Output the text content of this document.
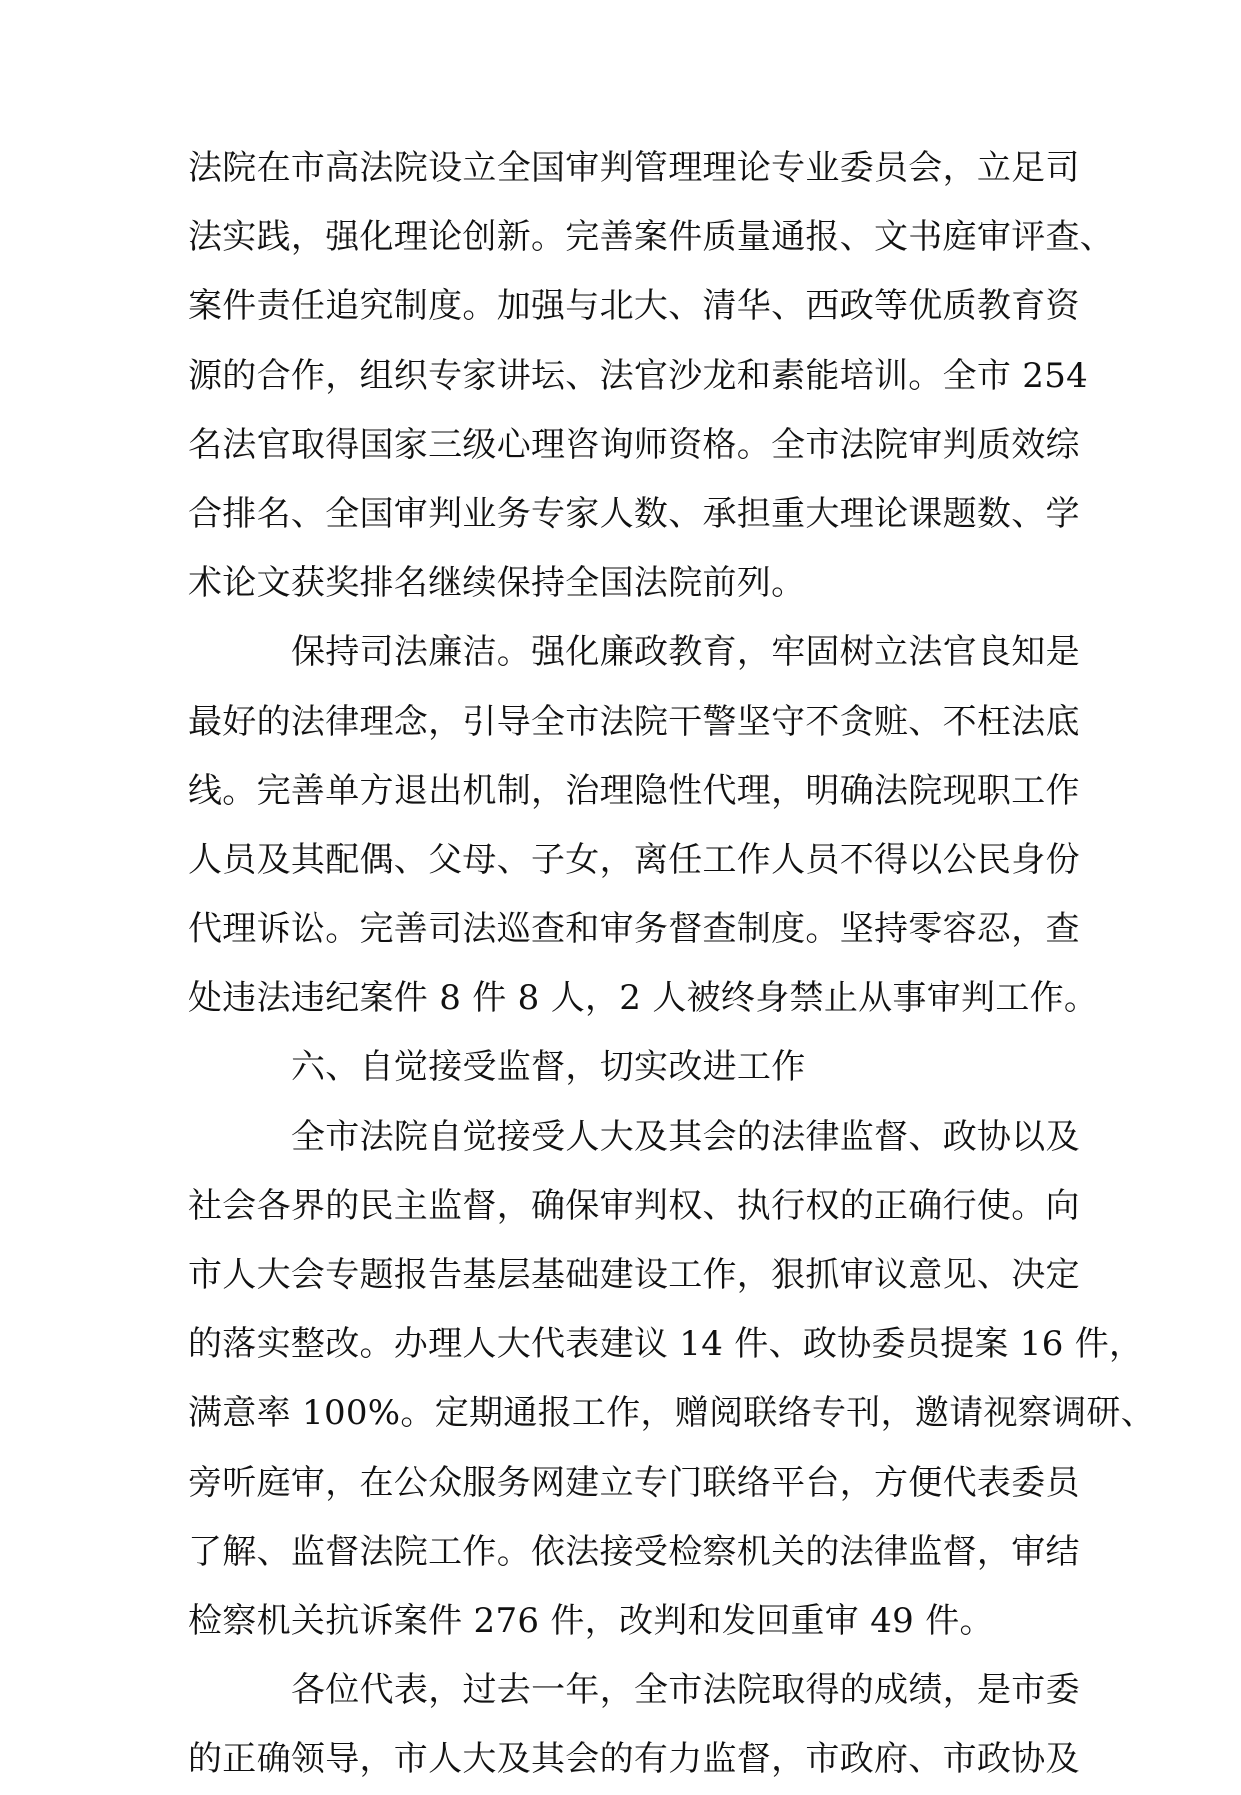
法院在市高法院设立全国审判管理理论专业委员会，立足司
法实践，强化理论创新。完善案件质量通报、文书庭审评查、
案件责任追究制度。加强与北大、清华、西政等优质教育资
源的合作，组织专家讲坛、法官沙龙和素能培训。全市 254
名法官取得国家三级心理咨询师资格。全市法院审判质效综
合排名、全国审判业务专家人数、承担重大理论课题数、学
术论文获奖排名继续保持全国法院前列。
保持司法廉洁。强化廉政教育，牢固树立法官良知是
最好的法律理念，引导全市法院干警坚守不贪赃、不枉法底
线。完善单方退出机制，治理隐性代理，明确法院现职工作
人员及其配偶、父母、子女，离任工作人员不得以公民身份
代理诉讼。完善司法巡查和审务督查制度。坚持零容忍，查
处违法违纪案件 8 件 8 人，2 人被终身禁止从事审判工作。
六、自觉接受监督，切实改进工作
全市法院自觉接受人大及其会的法律监督、政协以及
社会各界的民主监督，确保审判权、执行权的正确行使。向
市人大会专题报告基层基础建设工作，狠抓审议意见、决定
的落实整改。办理人大代表建议 14 件、政协委员提案 16 件，
满意率 100%。定期通报工作，赠阅联络专刊，邀请视察调研、
旁听庭审，在公众服务网建立专门联络平台，方便代表委员
了解、监督法院工作。依法接受检察机关的法律监督，审结
检察机关抗诉案件 276 件，改判和发回重审 49 件。
各位代表，过去一年，全市法院取得的成绩，是市委
的正确领导，市人大及其会的有力监督，市政府、市政协及
